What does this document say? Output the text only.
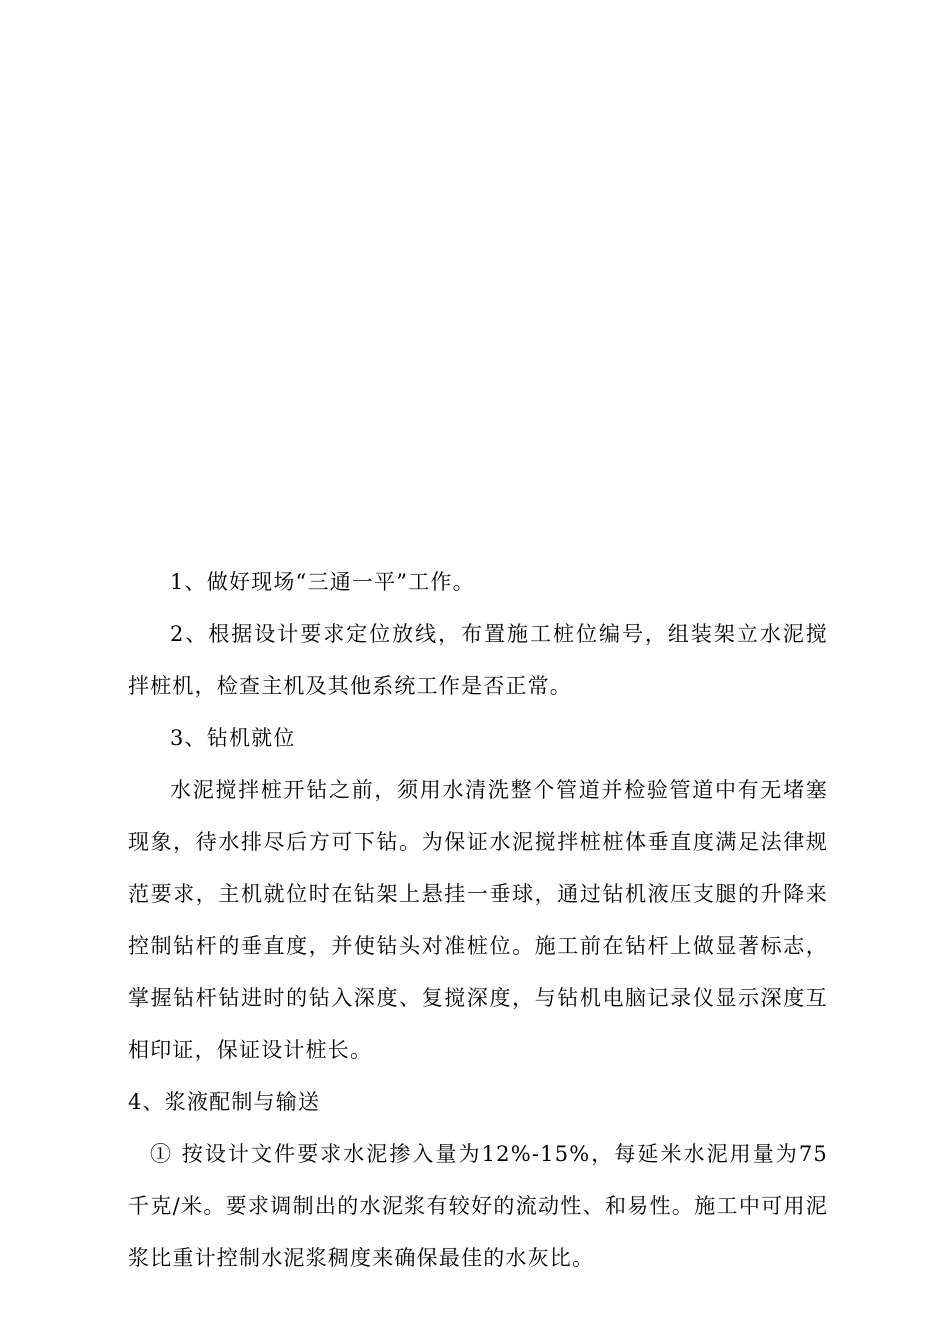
1、做好现场“三通一平”工作。

2、根据设计要求定位放线，布置施工桩位编号，组装架立水泥搅拌桩机，检查主机及其他系统工作是否正常。

3、钻机就位

水泥搅拌桩开钻之前，须用水清洗整个管道并检验管道中有无堵塞现象，待水排尽后方可下钻。为保证水泥搅拌桩桩体垂直度满足法律规范要求，主机就位时在钻架上悬挂一垂球，通过钻机液压支腿的升降来控制钻杆的垂直度，并使钻头对准桩位。施工前在钻杆上做显著标志，掌握钻杆钻进时的钻入深度、复搅深度，与钻机电脑记录仪显示深度互相印证，保证设计桩长。

4、浆液配制与输送

① 按设计文件要求水泥掺入量为12%-15%，每延米水泥用量为75千克/米。要求调制出的水泥浆有较好的流动性、和易性。施工中可用泥浆比重计控制水泥浆稠度来确保最佳的水灰比。
